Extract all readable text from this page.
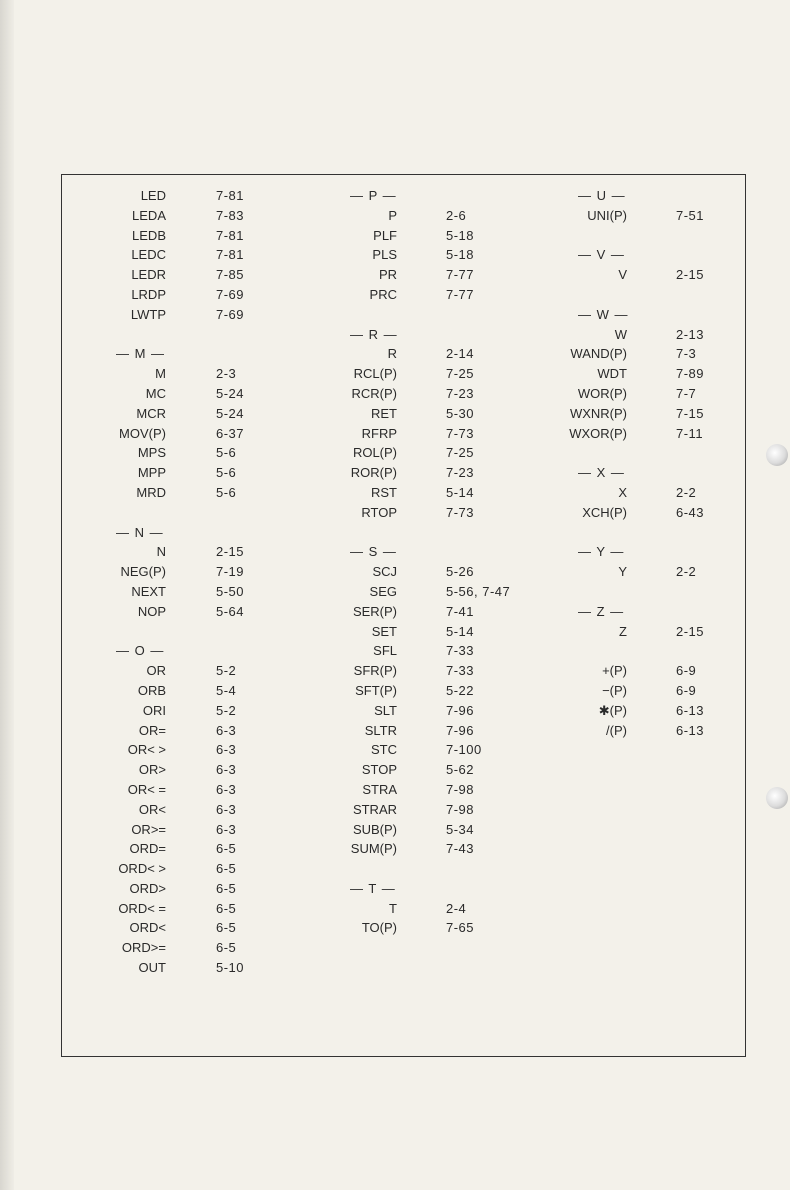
LED	7-81
LEDA	7-83
LEDB	7-81
LEDC	7-81
LEDR	7-85
LRDP	7-69
LWTP	7-69
— M —
M	2-3
MC	5-24
MCR	5-24
MOV(P)	6-37
MPS	5-6
MPP	5-6
MRD	5-6
— N —
N	2-15
NEG(P)	7-19
NEXT	5-50
NOP	5-64
— O —
OR	5-2
ORB	5-4
ORI	5-2
OR=	6-3
OR< >	6-3
OR>	6-3
OR< =	6-3
OR<	6-3
OR>=	6-3
ORD=	6-5
ORD< >	6-5
ORD>	6-5
ORD< =	6-5
ORD<	6-5
ORD>=	6-5
OUT	5-10
— P —
P	2-6
PLF	5-18
PLS	5-18
PR	7-77
PRC	7-77
— R —
R	2-14
RCL(P)	7-25
RCR(P)	7-23
RET	5-30
RFRP	7-73
ROL(P)	7-25
ROR(P)	7-23
RST	5-14
RTOP	7-73
— S —
SCJ	5-26
SEG	5-56, 7-47
SER(P)	7-41
SET	5-14
SFL	7-33
SFR(P)	7-33
SFT(P)	5-22
SLT	7-96
SLTR	7-96
STC	7-100
STOP	5-62
STRA	7-98
STRAR	7-98
SUB(P)	5-34
SUM(P)	7-43
— T —
T	2-4
TO(P)	7-65
— U —
UNI(P)	7-51
— V —
V	2-15
— W —
W	2-13
WAND(P)	7-3
WDT	7-89
WOR(P)	7-7
WXNR(P)	7-15
WXOR(P)	7-11
— X —
X	2-2
XCH(P)	6-43
— Y —
Y	2-2
— Z —
Z	2-15
+(P)	6-9
−(P)	6-9
✱(P)	6-13
/(P)	6-13
